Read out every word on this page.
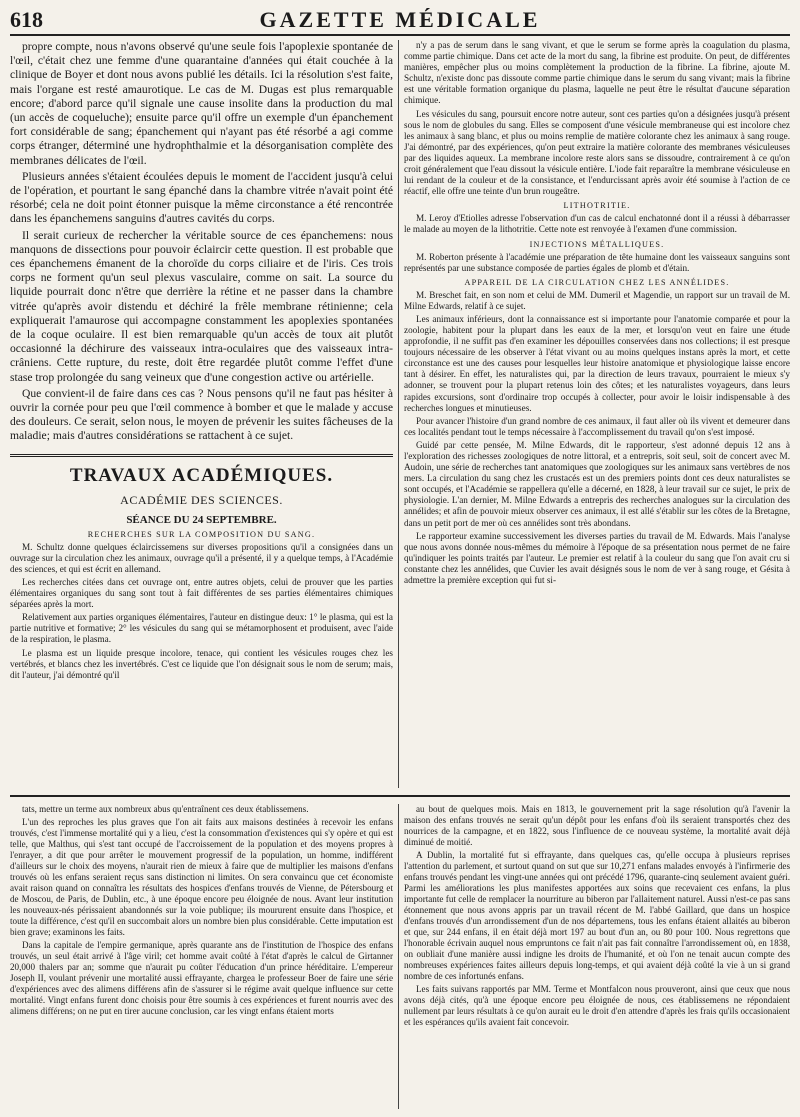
618	GAZETTE MÉDICALE

propre compte, nous n'avons observé qu'une seule fois l'apoplexie spontanée de l'œil, c'était chez une femme d'une quarantaine d'années qui était couchée à la clinique de Boyer et dont nous avons publié les détails. Ici la résolution s'est faite, mais l'organe est resté amaurotique. Le cas de M. Dugas est plus remarquable encore; d'abord parce qu'il signale une cause insolite dans la production du mal (un accès de coqueluche); ensuite parce qu'il offre un exemple d'un épanchement fort considérable de sang; épanchement qui n'ayant pas été résorbé a agi comme corps étranger, déterminé une hydrophthalmie et la désorganisation complète des membranes délicates de l'œil.

Plusieurs années s'étaient écoulées depuis le moment de l'accident jusqu'à celui de l'opération, et pourtant le sang épanché dans la chambre vitrée n'avait point été résorbé; cela ne doit point étonner puisque la même circonstance a été rencontrée dans les épanchemens sanguins d'autres cavités du corps.

Il serait curieux de rechercher la véritable source de ces épanchemens: nous manquons de dissections pour pouvoir éclaircir cette question. Il est probable que ces épanchemens émanent de la choroïde du corps ciliaire et de l'iris. Ces trois corps ne forment qu'un seul plexus vasculaire, comme on sait. La source du liquide pourrait donc n'être que derrière la rétine et ne passer dans la chambre vitrée qu'après avoir distendu et déchiré la frêle membrane rétinienne; cela expliquerait l'amaurose qui accompagne constamment les apoplexies spontanées de la coque oculaire. Il est bien remarquable qu'un accès de toux ait plutôt occasionné la déchirure des vaisseaux intra-oculaires que des vaisseaux intra-crâniens. Cette rupture, du reste, doit être regardée plutôt comme l'effet d'une stase trop prolongée du sang veineux que d'une congestion active ou artérielle.

Que convient-il de faire dans ces cas ? Nous pensons qu'il ne faut pas hésiter à ouvrir la cornée pour peu que l'œil commence à bomber et que le malade y accuse des douleurs. Ce serait, selon nous, le moyen de prévenir les suites fâcheuses de la maladie; mais d'autres considérations se rattachent à ce sujet.

TRAVAUX ACADÉMIQUES.
ACADÉMIE DES SCIENCES.
SÉANCE DU 24 SEPTEMBRE.
RECHERCHES SUR LA COMPOSITION DU SANG.

M. Schultz donne quelques éclaircissemens sur diverses propositions qu'il a consignées dans un ouvrage sur la circulation chez les animaux, ouvrage qu'il a présenté, il y a quelque temps, à l'Académie des sciences, et qui est écrit en allemand.

Les recherches citées dans cet ouvrage ont, entre autres objets, celui de prouver que les parties élémentaires organiques du sang sont tout à fait différentes de ses parties élémentaires chimiques séparées après la mort.

Relativement aux parties organiques élémentaires, l'auteur en distingue deux: 1° le plasma, qui est la partie nutritive et formative; 2° les vésicules du sang qui se métamorphosent et produisent, avec l'aide de la respiration, le plasma.

Le plasma est un liquide presque incolore, tenace, qui contient les vésicules rouges chez les vertébrés, et blancs chez les invertébrés. C'est ce liquide que l'on désignait sous le nom de serum; mais, dit l'auteur, j'ai démontré qu'il

n'y a pas de serum dans le sang vivant, et que le serum se forme après la coagulation du plasma, comme partie chimique. Dans cet acte de la mort du sang, la fibrine est produite. On peut, de différentes manières, empêcher plus ou moins complètement la production de la fibrine. La fibrine, ajoute M. Schultz, n'existe donc pas dissoute comme partie chimique dans le serum du sang vivant; mais la fibrine est une véritable formation organique du plasma, laquelle ne peut être le résultat d'aucune séparation chimique.

Les vésicules du sang, poursuit encore notre auteur, sont ces parties qu'on a désignées jusqu'à présent sous le nom de globules du sang. Elles se composent d'une vésicule membraneuse qui est incolore chez les animaux à sang blanc, et plus ou moins remplie de matière colorante chez les animaux à sang rouge. J'ai démontré, par des expériences, qu'on peut extraire la matière colorante des membranes vésiculeuses par des liquides aqueux. La membrane incolore reste alors sans se dissoudre, contrairement à ce qu'on croit généralement que l'eau dissout la vésicule entière. L'iode fait reparaître la membrane vésiculeuse en lui rendant de la couleur et de la consistance, et l'endurcissant après avoir été soumise à l'action de ce réactif, elle offre une teinte d'un brun rougeâtre.

LITHOTRITIE.

M. Leroy d'Etiolles adresse l'observation d'un cas de calcul enchatonné dont il a réussi à débarrasser le malade au moyen de la lithotritie. Cette note est renvoyée à l'examen d'une commission.

INJECTIONS MÉTALLIQUES.

M. Roberton présente à l'académie une préparation de tête humaine dont les vaisseaux sanguins sont représentés par une substance composée de parties égales de plomb et d'étain.

APPAREIL DE LA CIRCULATION CHEZ LES ANNÉLIDES.

M. Breschet fait, en son nom et celui de MM. Dumeril et Magendie, un rapport sur un travail de M. Milne Edwards, relatif à ce sujet.

Les animaux inférieurs, dont la connaissance est si importante pour l'anatomie comparée et pour la zoologie, habitent pour la plupart dans les eaux de la mer, et lorsqu'on veut en faire une étude approfondie, il ne suffit pas d'en examiner les dépouilles conservées dans nos collections; il est presque toujours nécessaire de les observer à l'état vivant ou au moins quelques instans après la mort, et cette circonstance est une des causes pour lesquelles leur histoire anatomique et physiologique laisse encore tant à désirer. En effet, les naturalistes qui, par la direction de leurs travaux, pourraient le mieux s'y adonner, se trouvent pour la plupart retenus loin des côtes; et les naturalistes voyageurs, dans leurs rapides excursions, sont d'ordinaire trop occupés à collecter, pour avoir le loisir indispensable à des recherches longues et minutieuses.

Pour avancer l'histoire d'un grand nombre de ces animaux, il faut aller où ils vivent et demeurer dans ces localités pendant tout le temps nécessaire à l'accomplissement du travail qu'on s'est imposé.

Guidé par cette pensée, M. Milne Edwards, dit le rapporteur, s'est adonné depuis 12 ans à l'exploration des richesses zoologiques de notre littoral, et a entrepris, soit seul, soit de concert avec M. Audoin, une série de recherches tant anatomiques que zoologiques sur les animaux sans vertèbres de nos mers. La circulation du sang chez les crustacés est un des premiers points dont ces deux naturalistes se sont occupés, et l'Académie se rappellera qu'elle a décerné, en 1828, à leur travail sur ce sujet, le prix de physiologie. L'an dernier, M. Milne Edwards a entrepris des recherches analogues sur la circulation des annélides; et afin de pouvoir mieux observer ces animaux, il est allé s'établir sur les côtes de la Bretagne, dans un petit port de mer où ces annélides sont très abondans.

Le rapporteur examine successivement les diverses parties du travail de M. Edwards. Mais l'analyse que nous avons donnée nous-mêmes du mémoire à l'époque de sa présentation nous permet de ne faire qu'indiquer les points traités par l'auteur. Le premier est relatif à la couleur du sang que l'on avait cru si constante chez les annélides, que Cuvier les avait désignés sous le nom de ver à sang rouge, et Gésita à admettre la première exception qui fut si-

tats, mettre un terme aux nombreux abus qu'entraînent ces deux établissemens.

L'un des reproches les plus graves que l'on ait faits aux maisons destinées à recevoir les enfans trouvés, c'est l'immense mortalité qui y a lieu, c'est la consommation d'existences qui s'y opère et qui est telle, que Malthus, qui s'est tant occupé de l'accroissement de la population et des moyens propres à l'enrayer, a dit que pour arrêter le mouvement progressif de la population, un homme, indifférent d'ailleurs sur le choix des moyens, n'aurait rien de mieux à faire que de multiplier les maisons d'enfans trouvés où les enfans seraient reçus sans distinction ni limites. On sera convaincu que cet économiste avait raison quand on connaîtra les résultats des hospices d'enfans trouvés de Vienne, de Pétersbourg et de Moscou, de Paris, de Dublin, etc., à une époque encore peu éloignée de nous. Avant leur institution les nouveaux-nés périssaient abandonnés sur la voie publique; ils moururent ensuite dans l'hospice, et toute la différence, c'est qu'il en succombait alors un nombre bien plus considérable. Cette imputation est bien grave; examinons les faits.

Dans la capitale de l'empire germanique, après quarante ans de l'institution de l'hospice des enfans trouvés, un seul était arrivé à l'âge viril; cet homme avait coûté à l'état d'après le calcul de Girtanner 20,000 thalers par an; somme que n'aurait pu coûter l'éducation d'un prince héréditaire. L'empereur Joseph II, voulant prévenir une mortalité aussi effrayante, chargea le professeur Boer de faire une série d'expériences avec des alimens différens afin de s'assurer si le régime avait quelque influence sur cette mortalité. Vingt enfans furent donc choisis pour être soumis à ces expériences et furent nourris avec des alimens différens; on ne put en tirer aucune conclusion, car les vingt enfans étaient morts

au bout de quelques mois. Mais en 1813, le gouvernement prit la sage résolution qu'à l'avenir la maison des enfans trouvés ne serait qu'un dépôt pour les enfans d'où ils seraient transportés chez des nourrices de la campagne, et en 1822, sous l'influence de ce nouveau système, la mortalité avait déjà diminué de moitié.

A Dublin, la mortalité fut si effrayante, dans quelques cas, qu'elle occupa à plusieurs reprises l'attention du parlement, et surtout quand on sut que sur 10,271 enfans malades envoyés à l'infirmerie des enfans trouvés pendant les vingt-une années qui ont précédé 1796, quarante-cinq seulement avaient guéri. Parmi les améliorations les plus manifestes apportées aux soins que recevaient ces enfans, la plus importante fut celle de remplacer la nourriture au biberon par l'allaitement naturel. Aussi n'est-ce pas sans étonnement que nous avons appris par un travail récent de M. l'abbé Gaillard, que dans un hospice d'enfans trouvés d'un arrondissement d'un de nos départemens, tous les enfans étaient allaités au biberon et que, sur 244 enfans, il en était déjà mort 197 au bout d'un an, ou 80 pour 100. Nous regrettons que l'honorable écrivain auquel nous empruntons ce fait n'ait pas fait connaître l'arrondissement où, en 1838, on oubliait d'une manière aussi indigne les droits de l'humanité, et où l'on ne tenait aucun compte des nombreuses expériences faites ailleurs depuis long-temps, et qui avaient déjà coûté la vie à un si grand nombre de ces infortunés enfans.

Les faits suivans rapportés par MM. Terme et Montfalcon nous prouveront, ainsi que ceux que nous avons déjà cités, qu'à une époque encore peu éloignée de nous, ces établissemens ne répondaient nullement par leurs résultats à ce qu'on aurait eu le droit d'en attendre d'après les frais qu'ils occasionaient et les espérances qu'ils avaient fait concevoir.
